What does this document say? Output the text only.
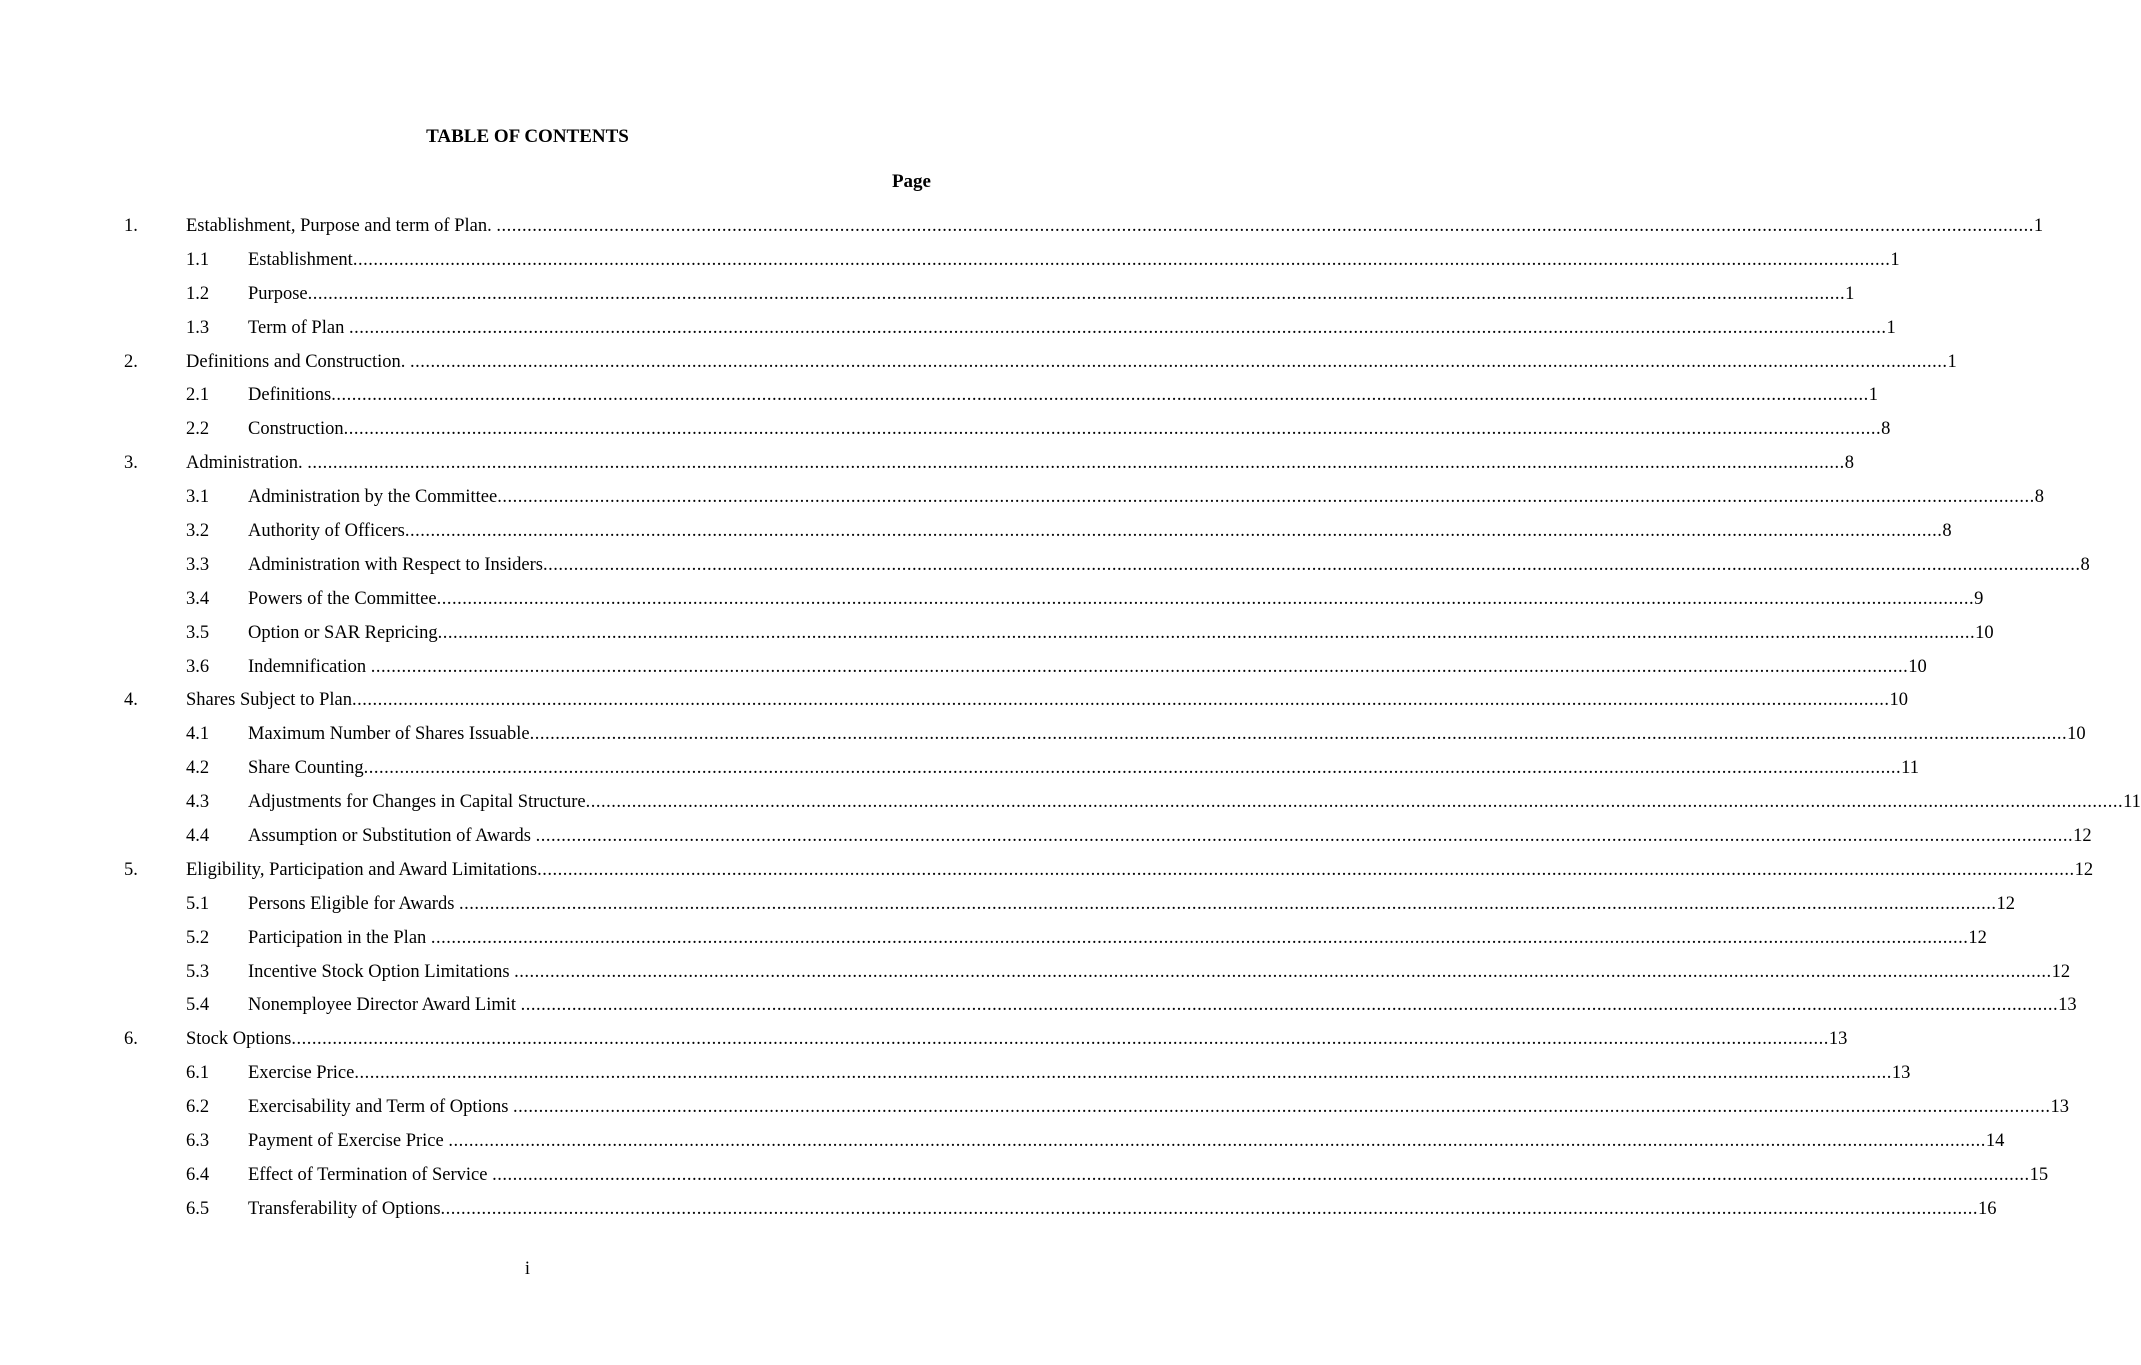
TABLE OF CONTENTS
Page
1.	Establishment, Purpose and term of Plan. ............................................................................................................................................................................................................................................................................................................ 1
1.1 Establishment ............................................................................................................................................................................................................................................................................................................ 1
1.2 Purpose ............................................................................................................................................................................................................................................................................................................ 1
1.3 Term of Plan ............................................................................................................................................................................................................................................................................................................ 1
2.	Definitions and Construction. ............................................................................................................................................................................................................................................................................................................ 1
2.1 Definitions ............................................................................................................................................................................................................................................................................................................ 1
2.2 Construction ............................................................................................................................................................................................................................................................................................................ 8
3.	Administration. ............................................................................................................................................................................................................................................................................................................ 8
3.1 Administration by the Committee ............................................................................................................................................................................................................................................................................................................ 8
3.2 Authority of Officers ............................................................................................................................................................................................................................................................................................................ 8
3.3 Administration with Respect to Insiders ............................................................................................................................................................................................................................................................................................................ 8
3.4 Powers of the Committee ............................................................................................................................................................................................................................................................................................................ 9
3.5 Option or SAR Repricing ............................................................................................................................................................................................................................................................................................................ 10
3.6 Indemnification ............................................................................................................................................................................................................................................................................................................ 10
4.	Shares Subject to Plan ............................................................................................................................................................................................................................................................................................................ 10
4.1 Maximum Number of Shares Issuable ............................................................................................................................................................................................................................................................................................................ 10
4.2 Share Counting ............................................................................................................................................................................................................................................................................................................ 11
4.3 Adjustments for Changes in Capital Structure ............................................................................................................................................................................................................................................................................................................ 11
4.4 Assumption or Substitution of Awards ............................................................................................................................................................................................................................................................................................................ 12
5.	Eligibility, Participation and Award Limitations ............................................................................................................................................................................................................................................................................................................ 12
5.1 Persons Eligible for Awards ............................................................................................................................................................................................................................................................................................................ 12
5.2 Participation in the Plan ............................................................................................................................................................................................................................................................................................................ 12
5.3 Incentive Stock Option Limitations ............................................................................................................................................................................................................................................................................................................ 12
5.4 Nonemployee Director Award Limit ............................................................................................................................................................................................................................................................................................................ 13
6.	Stock Options ............................................................................................................................................................................................................................................................................................................ 13
6.1 Exercise Price ............................................................................................................................................................................................................................................................................................................ 13
6.2 Exercisability and Term of Options ............................................................................................................................................................................................................................................................................................................ 13
6.3 Payment of Exercise Price ............................................................................................................................................................................................................................................................................................................ 14
6.4 Effect of Termination of Service ............................................................................................................................................................................................................................................................................................................ 15
6.5 Transferability of Options ............................................................................................................................................................................................................................................................................................................ 16
i
